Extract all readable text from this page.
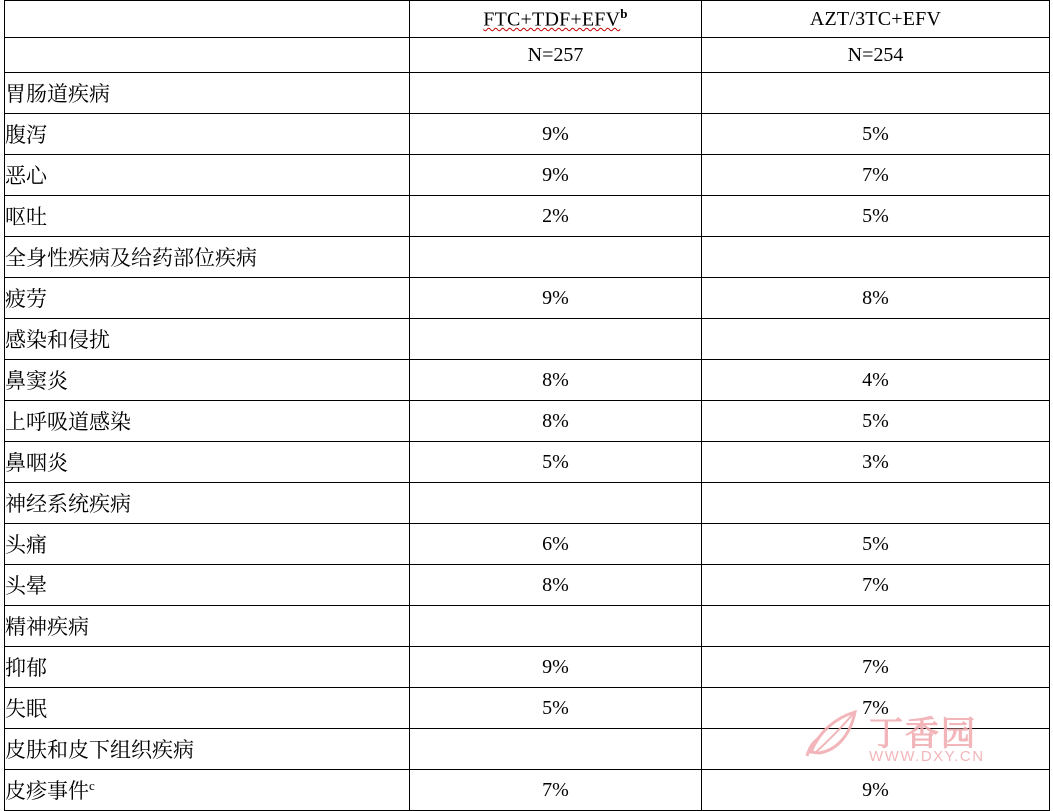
	$FTC+TDF+EFV^b$	AZT/3TC+EFV
	N=257	N=254
胃肠道疾病		
腹泻	9%	5%
恶心	9%	7%
呕吐	2%	5%
全身性疾病及给药部位疾病		
疲劳	9%	8%
感染和侵扰		
鼻窦炎	8%	4%
上呼吸道感染	8%	5%
鼻咽炎	5%	3%
神经系统疾病		
头痛	6%	5%
头晕	8%	7%
精神疾病		
抑郁	9%	7%
失眠	5%	7%
皮肤和皮下组织疾病		
皮疹事件$^c$	7%	9%
丁香园
WWW.DXY.CN
